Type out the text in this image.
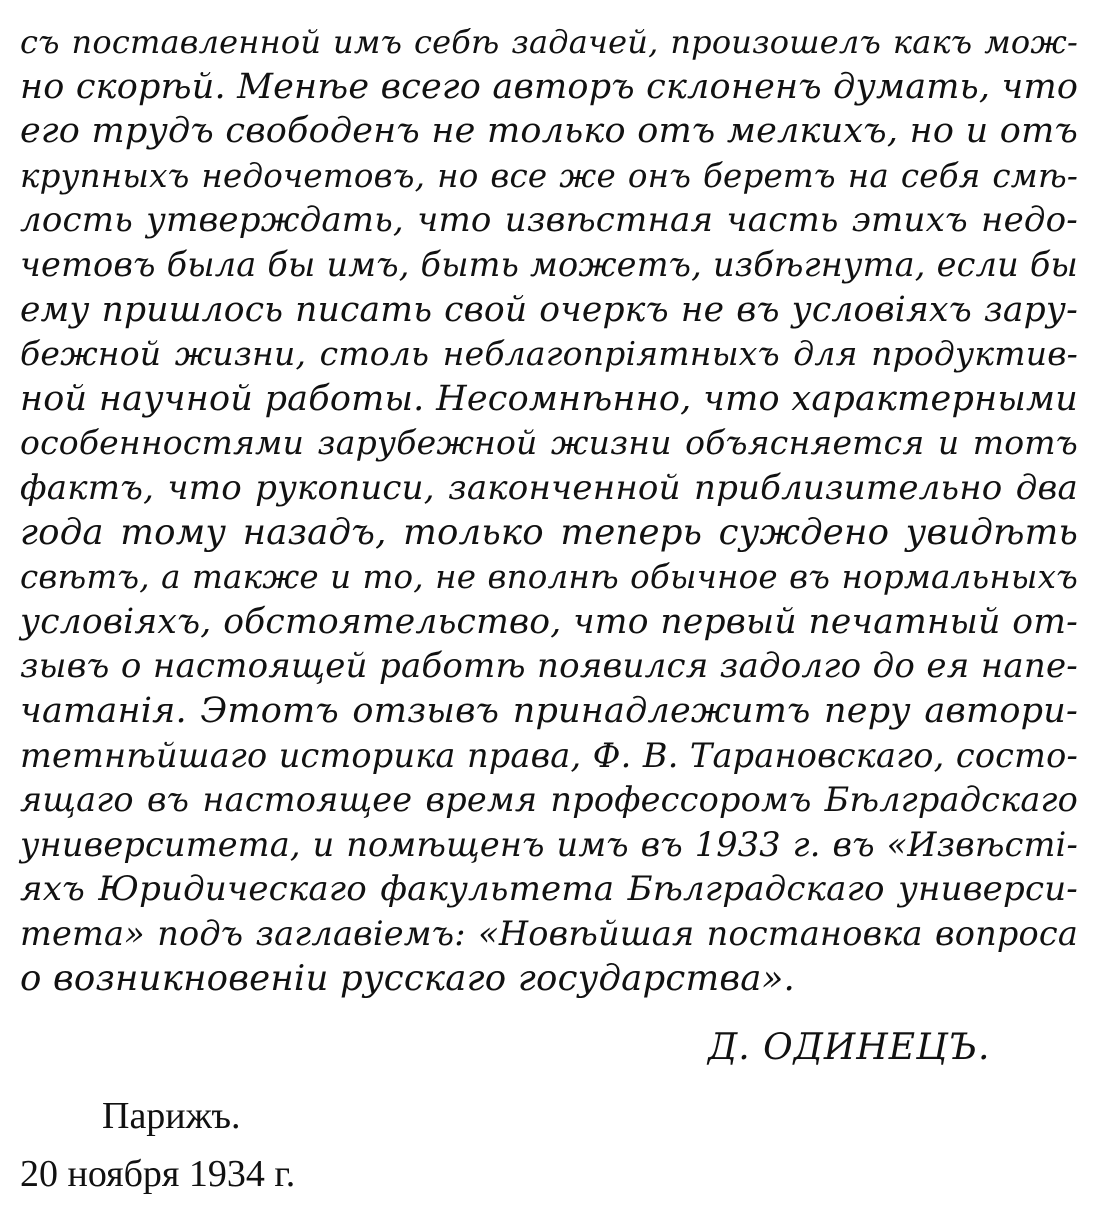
съ поставленной имъ себѣ задачей, произошелъ какъ мож-
но скорѣй. Менѣе всего авторъ склоненъ думать, что
его трудъ свободенъ не только отъ мелкихъ, но и отъ
крупныхъ недочетовъ, но все же онъ беретъ на себя смѣ-
лость утверждать, что извѣстная часть этихъ недо-
четовъ была бы имъ, быть можетъ, избѣгнута, если бы
ему пришлось писать свой очеркъ не въ условіяхъ зару-
бежной жизни, столь неблагопріятныхъ для продуктив-
ной научной работы. Несомнѣнно, что характерными
особенностями зарубежной жизни объясняется и тотъ
фактъ, что рукописи, законченной приблизительно два
года тому назадъ, только теперь суждено увидѣть
свѣтъ, а также и то, не вполнѣ обычное въ нормальныхъ
условіяхъ, обстоятельство, что первый печатный от-
зывъ о настоящей работѣ появился задолго до ея напе-
чатанія. Этотъ отзывъ принадлежитъ перу автори-
тетнѣйшаго историка права, Ф. В. Тарановскаго, состо-
ящаго въ настоящее время профессоромъ Бѣлградскаго
университета, и помѣщенъ имъ въ 1933 г. въ «Извѣсті-
яхъ Юридическаго факультета Бѣлградскаго универси-
тета» подъ заглавіемъ: «Новѣйшая постановка вопроса
о возникновеніи русскаго государства».
Д. ОДИНЕЦЪ.
Парижъ.
20 ноября 1934 г.
